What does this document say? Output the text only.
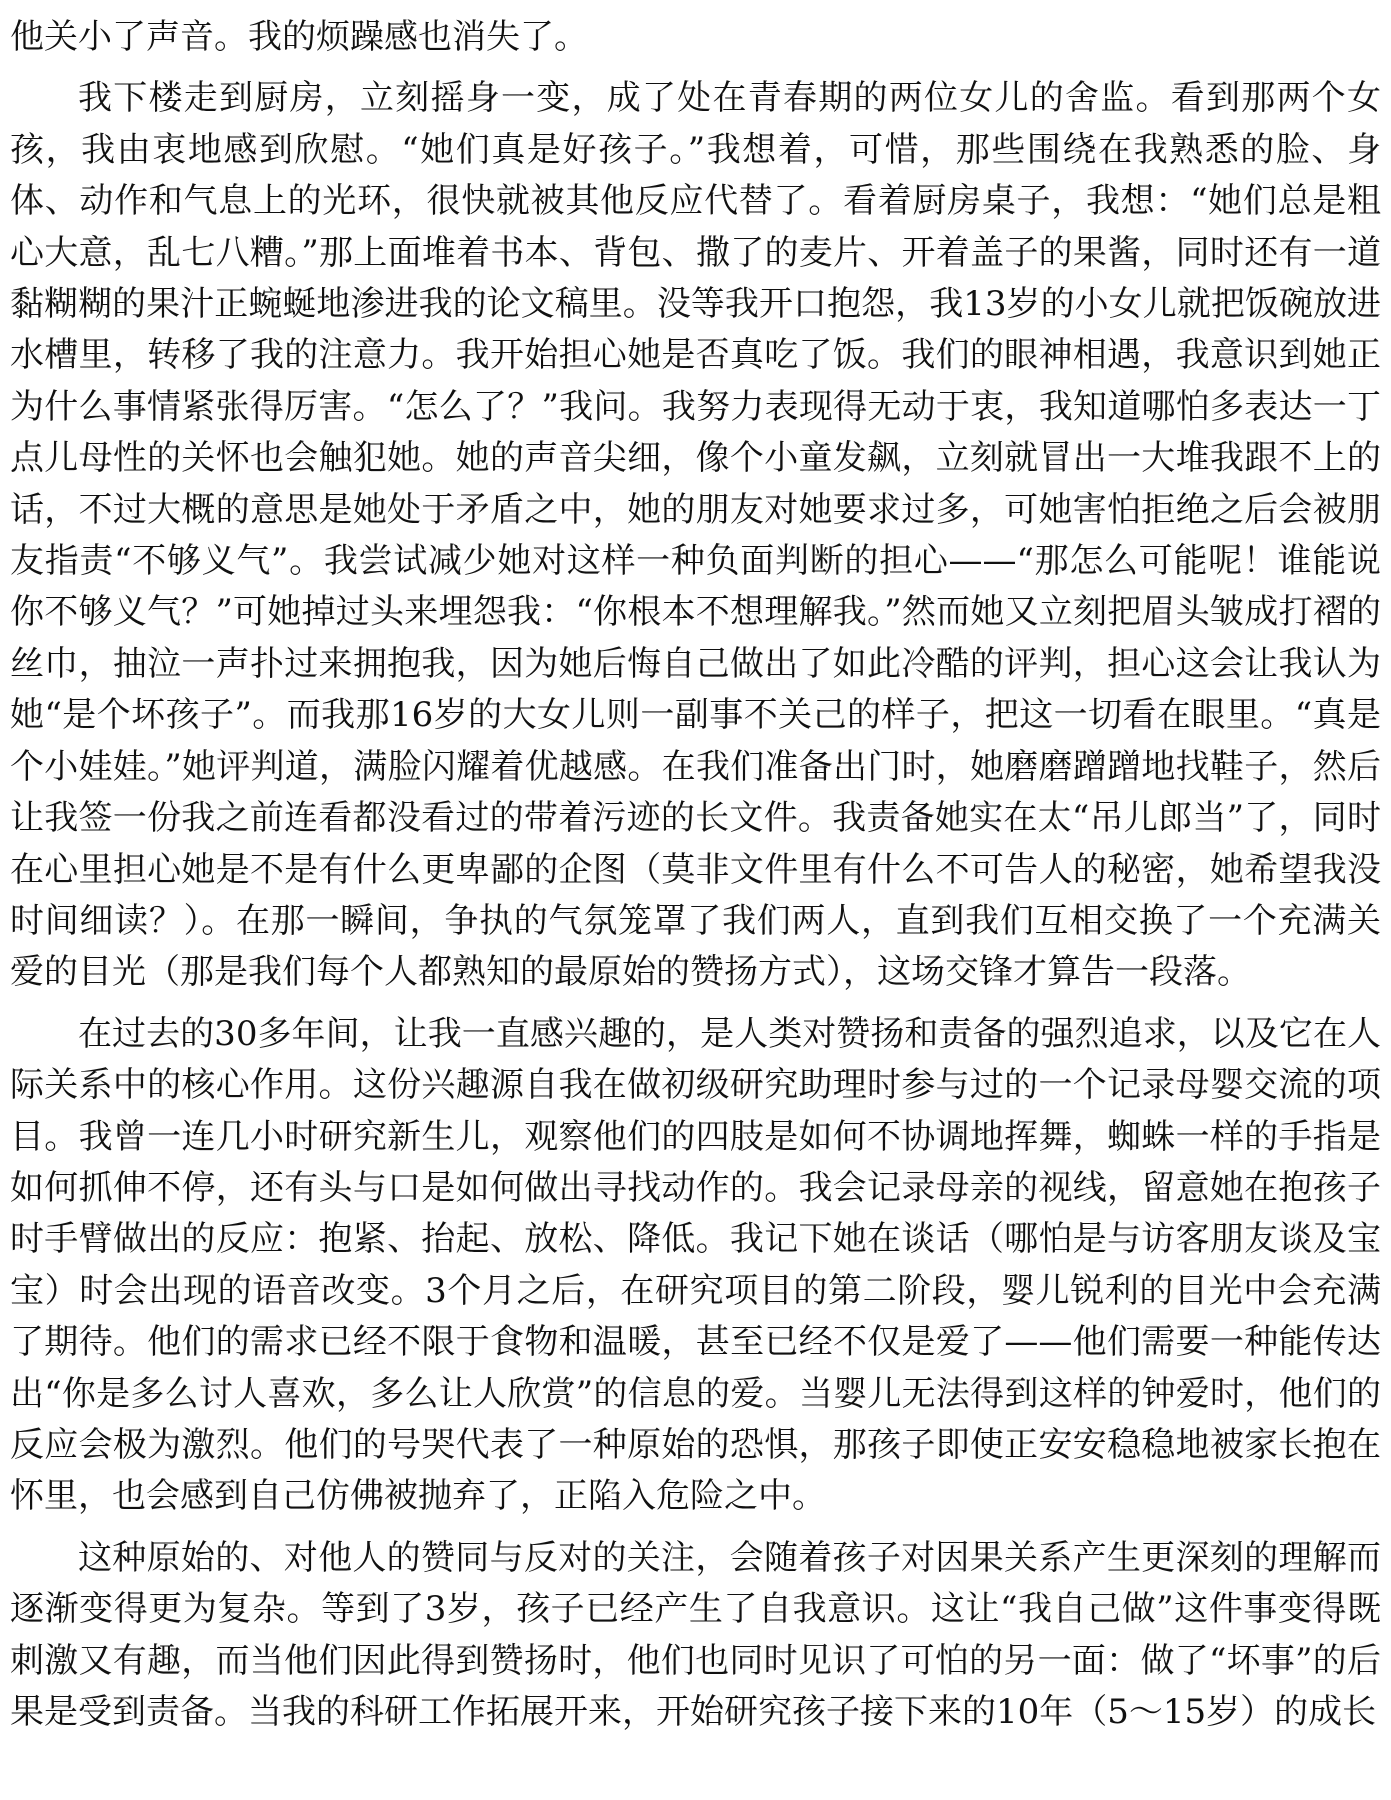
他关小了声音。我的烦躁感也消失了。

我下楼走到厨房，立刻摇身一变，成了处在青春期的两位女儿的舍监。看到那两个女孩，我由衷地感到欣慰。“她们真是好孩子。”我想着，可惜，那些围绕在我熟悉的脸、身体、动作和气息上的光环，很快就被其他反应代替了。看着厨房桌子，我想：“她们总是粗心大意，乱七八糟。”那上面堆着书本、背包、撒了的麦片、开着盖子的果酱，同时还有一道黏糊糊的果汁正蜿蜒地渗进我的论文稿里。没等我开口抱怨，我13岁的小女儿就把饭碗放进水槽里，转移了我的注意力。我开始担心她是否真吃了饭。我们的眼神相遇，我意识到她正为什么事情紧张得厉害。“怎么了？”我问。我努力表现得无动于衷，我知道哪怕多表达一丁点儿母性的关怀也会触犯她。她的声音尖细，像个小童发飙，立刻就冒出一大堆我跟不上的话，不过大概的意思是她处于矛盾之中，她的朋友对她要求过多，可她害怕拒绝之后会被朋友指责“不够义气”。我尝试减少她对这样一种负面判断的担心——“那怎么可能呢！谁能说你不够义气？”可她掉过头来埋怨我：“你根本不想理解我。”然而她又立刻把眉头皱成打褶的丝巾，抽泣一声扑过来拥抱我，因为她后悔自己做出了如此冷酷的评判，担心这会让我认为她“是个坏孩子”。而我那16岁的大女儿则一副事不关己的样子，把这一切看在眼里。“真是个小娃娃。”她评判道，满脸闪耀着优越感。在我们准备出门时，她磨磨蹭蹭地找鞋子，然后让我签一份我之前连看都没看过的带着污迹的长文件。我责备她实在太“吊儿郎当”了，同时在心里担心她是不是有什么更卑鄙的企图（莫非文件里有什么不可告人的秘密，她希望我没时间细读？）。在那一瞬间，争执的气氛笼罩了我们两人，直到我们互相交换了一个充满关爱的目光（那是我们每个人都熟知的最原始的赞扬方式），这场交锋才算告一段落。

在过去的30多年间，让我一直感兴趣的，是人类对赞扬和责备的强烈追求，以及它在人际关系中的核心作用。这份兴趣源自我在做初级研究助理时参与过的一个记录母婴交流的项目。我曾一连几小时研究新生儿，观察他们的四肢是如何不协调地挥舞，蜘蛛一样的手指是如何抓伸不停，还有头与口是如何做出寻找动作的。我会记录母亲的视线，留意她在抱孩子时手臂做出的反应：抱紧、抬起、放松、降低。我记下她在谈话（哪怕是与访客朋友谈及宝宝）时会出现的语音改变。3个月之后，在研究项目的第二阶段，婴儿锐利的目光中会充满了期待。他们的需求已经不限于食物和温暖，甚至已经不仅是爱了——他们需要一种能传达出“你是多么讨人喜欢，多么让人欣赏”的信息的爱。当婴儿无法得到这样的钟爱时，他们的反应会极为激烈。他们的号哭代表了一种原始的恐惧，那孩子即使正安安稳稳地被家长抱在怀里，也会感到自己仿佛被抛弃了，正陷入危险之中。

这种原始的、对他人的赞同与反对的关注，会随着孩子对因果关系产生更深刻的理解而逐渐变得更为复杂。等到了3岁，孩子已经产生了自我意识。这让“我自己做”这件事变得既刺激又有趣，而当他们因此得到赞扬时，他们也同时见识了可怕的另一面：做了“坏事”的后果是受到责备。当我的科研工作拓展开来，开始研究孩子接下来的10年（5～15岁）的成长
